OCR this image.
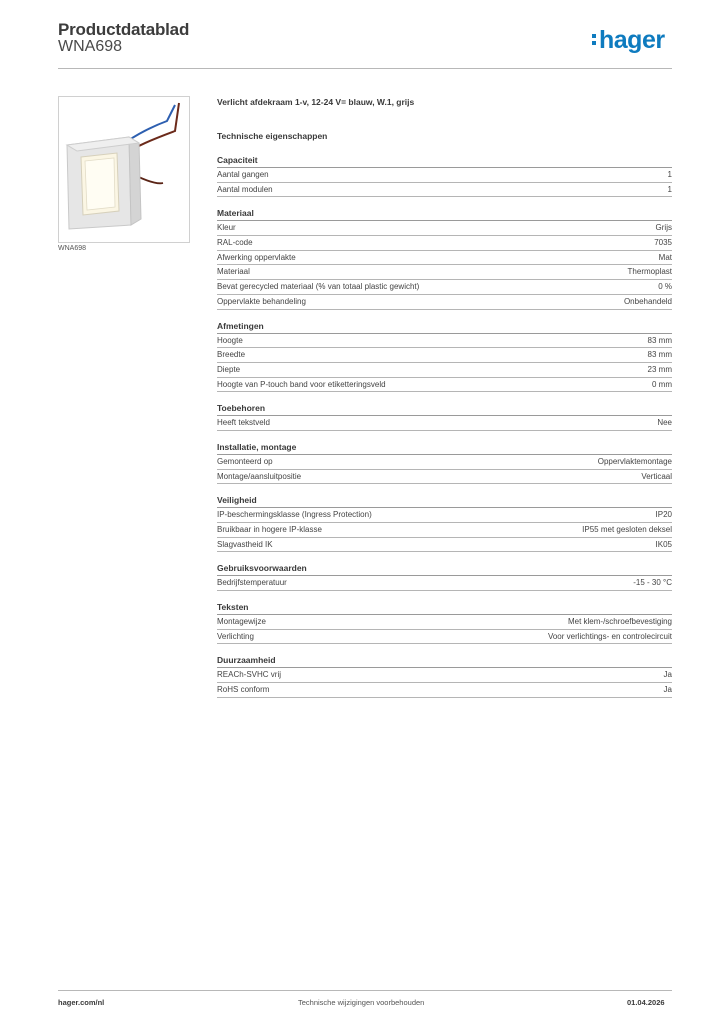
Productdatablad
WNA698	hager
WNA698
Verlicht afdekraam 1-v, 12-24 V= blauw, W.1, grijs
Technische eigenschappen
Capaciteit
Aantal gangen	1
Aantal modulen	1
Materiaal
Kleur	Grijs
RAL-code	7035
Afwerking oppervlakte	Mat
Materiaal	Thermoplast
Bevat gerecycled materiaal (% van totaal plastic gewicht)	0 %
Oppervlakte behandeling	Onbehandeld
Afmetingen
Hoogte	83 mm
Breedte	83 mm
Diepte	23 mm
Hoogte van P-touch band voor etiketteringsveld	0 mm
Toebehoren
Heeft tekstveld	Nee
Installatie, montage
Gemonteerd op	Oppervlaktemontage
Montage/aansluitpositie	Verticaal
Veiligheid
IP-beschermingsklasse (Ingress Protection)	IP20
Bruikbaar in hogere IP-klasse	IP55 met gesloten deksel
Slagvastheid IK	IK05
Gebruiksvoorwaarden
Bedrijfstemperatuur	-15 - 30 °C
Teksten
Montagewijze	Met klem-/schroefbevestiging
Verlichting	Voor verlichtings- en controlecircuit
Duurzaamheid
REACh-SVHC vrij	Ja
RoHS conform	Ja
hager.com/nl	Technische wijzigingen voorbehouden	01.04.2026
